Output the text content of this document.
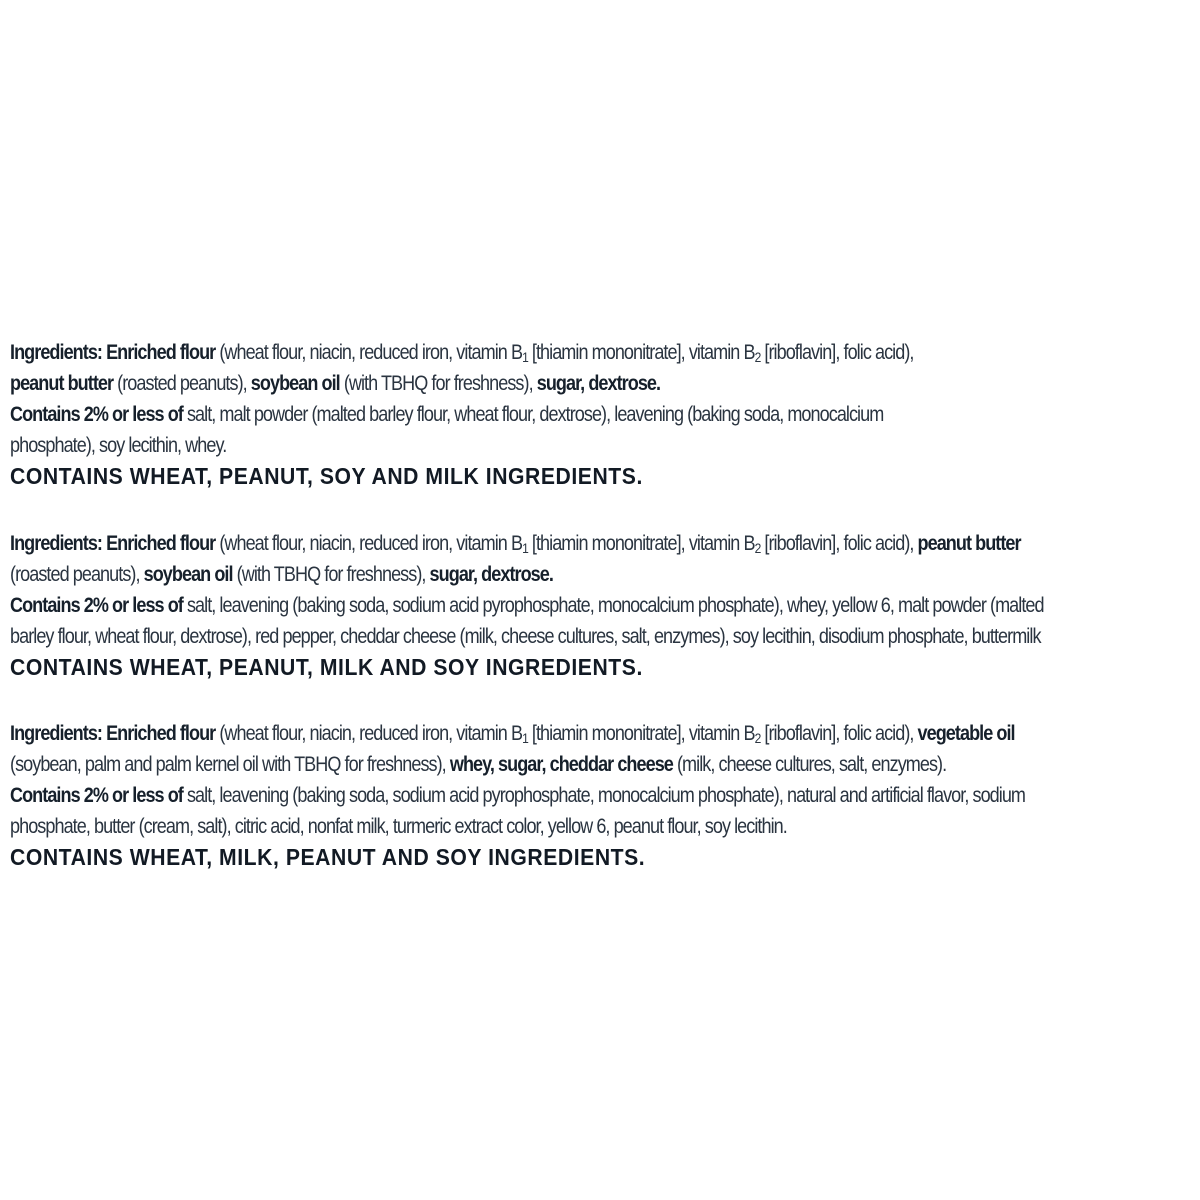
Ingredients: Enriched flour (wheat flour, niacin, reduced iron, vitamin $B_1$ [thiamin mononitrate], vitamin $B_2$ [riboflavin], folic acid),
peanut butter (roasted peanuts), soybean oil (with TBHQ for freshness), sugar, dextrose.
Contains 2% or less of salt, malt powder (malted barley flour, wheat flour, dextrose), leavening (baking soda, monocalcium
phosphate), soy lecithin, whey.
CONTAINS WHEAT, PEANUT, SOY AND MILK INGREDIENTS.
Ingredients: Enriched flour (wheat flour, niacin, reduced iron, vitamin $B_1$ [thiamin mononitrate], vitamin $B_2$ [riboflavin], folic acid), peanut butter
(roasted peanuts), soybean oil (with TBHQ for freshness), sugar, dextrose.
Contains 2% or less of salt, leavening (baking soda, sodium acid pyrophosphate, monocalcium phosphate), whey, yellow 6, malt powder (malted
barley flour, wheat flour, dextrose), red pepper, cheddar cheese (milk, cheese cultures, salt, enzymes), soy lecithin, disodium phosphate, buttermilk
CONTAINS WHEAT, PEANUT, MILK AND SOY INGREDIENTS.
Ingredients: Enriched flour (wheat flour, niacin, reduced iron, vitamin $B_1$ [thiamin mononitrate], vitamin $B_2$ [riboflavin], folic acid), vegetable oil
(soybean, palm and palm kernel oil with TBHQ for freshness), whey, sugar, cheddar cheese (milk, cheese cultures, salt, enzymes).
Contains 2% or less of salt, leavening (baking soda, sodium acid pyrophosphate, monocalcium phosphate), natural and artificial flavor, sodium
phosphate, butter (cream, salt), citric acid, nonfat milk, turmeric extract color, yellow 6, peanut flour, soy lecithin.
CONTAINS WHEAT, MILK, PEANUT AND SOY INGREDIENTS.
